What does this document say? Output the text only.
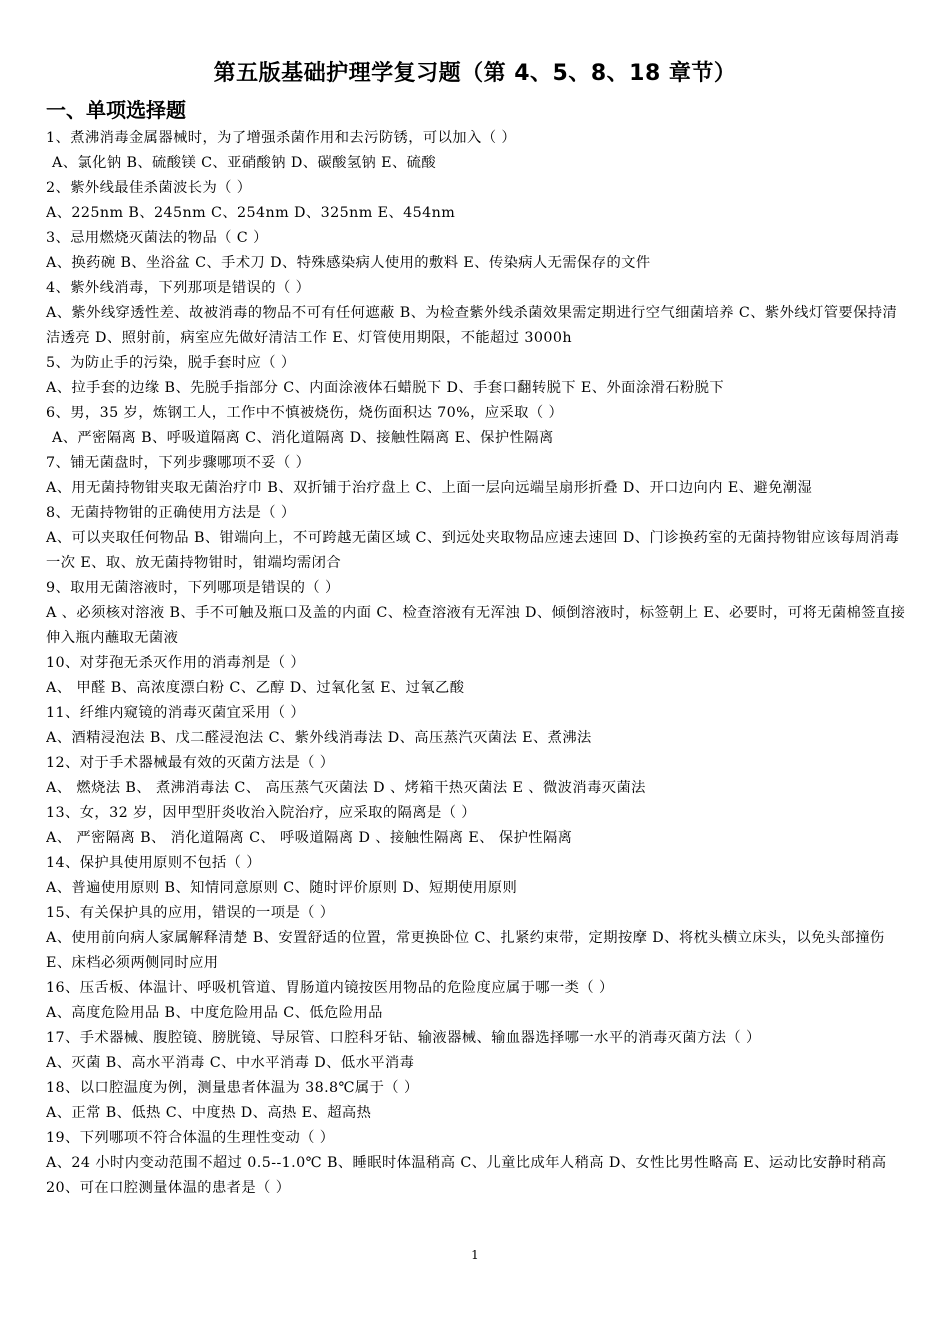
第五版基础护理学复习题（第 4、5、8、18 章节）
一、单项选择题
1、煮沸消毒金属器械时，为了增强杀菌作用和去污防锈，可以加入（ ）
A、氯化钠 B、硫酸镁 C、亚硝酸钠 D、碳酸氢钠 E、硫酸
2、紫外线最佳杀菌波长为（ ）
A、225nm B、245nm C、254nm D、325nm E、454nm
3、忌用燃烧灭菌法的物品（ C ）
A、换药碗 B、坐浴盆 C、手术刀 D、特殊感染病人使用的敷料 E、传染病人无需保存的文件
4、紫外线消毒，下列那项是错误的（ ）
A、紫外线穿透性差、故被消毒的物品不可有任何遮蔽 B、为检查紫外线杀菌效果需定期进行空气细菌培养 C、紫外线灯管要保持清洁透亮 D、照射前，病室应先做好清洁工作 E、灯管使用期限，不能超过 3000h
5、为防止手的污染，脱手套时应（ ）
A、拉手套的边缘 B、先脱手指部分 C、内面涂液体石蜡脱下 D、手套口翻转脱下 E、外面涂滑石粉脱下
6、男，35 岁，炼钢工人，工作中不慎被烧伤，烧伤面积达 70%，应采取（ ）
A、严密隔离 B、呼吸道隔离 C、消化道隔离 D、接触性隔离 E、保护性隔离
7、铺无菌盘时，下列步骤哪项不妥（ ）
A、用无菌持物钳夹取无菌治疗巾 B、双折铺于治疗盘上 C、上面一层向远端呈扇形折叠 D、开口边向内 E、避免潮湿
8、无菌持物钳的正确使用方法是（ ）
A、可以夹取任何物品 B、钳端向上，不可跨越无菌区域 C、到远处夹取物品应速去速回 D、门诊换药室的无菌持物钳应该每周消毒一次 E、取、放无菌持物钳时，钳端均需闭合
9、取用无菌溶液时，下列哪项是错误的（ ）
A 、必须核对溶液 B、手不可触及瓶口及盖的内面 C、检查溶液有无浑浊 D、倾倒溶液时，标签朝上 E、必要时，可将无菌棉签直接伸入瓶内蘸取无菌液
10、对芽孢无杀灭作用的消毒剂是（ ）
A、 甲醛 B、高浓度漂白粉 C、乙醇 D、过氧化氢 E、过氧乙酸
11、纤维内窥镜的消毒灭菌宜采用（ ）
A、酒精浸泡法 B、戊二醛浸泡法 C、紫外线消毒法 D、高压蒸汽灭菌法 E、煮沸法
12、对于手术器械最有效的灭菌方法是（ ）
A、 燃烧法 B、 煮沸消毒法 C、 高压蒸气灭菌法 D 、烤箱干热灭菌法 E 、微波消毒灭菌法
13、女，32 岁，因甲型肝炎收治入院治疗，应采取的隔离是（ ）
A、 严密隔离 B、 消化道隔离 C、 呼吸道隔离 D 、接触性隔离 E、 保护性隔离
14、保护具使用原则不包括（ ）
A、普遍使用原则 B、知情同意原则 C、随时评价原则 D、短期使用原则
15、有关保护具的应用，错误的一项是（ ）
A、使用前向病人家属解释清楚 B、安置舒适的位置，常更换卧位 C、扎紧约束带，定期按摩 D、将枕头横立床头，以免头部撞伤 E、床档必须两侧同时应用
16、压舌板、体温计、呼吸机管道、胃肠道内镜按医用物品的危险度应属于哪一类（ ）
A、高度危险用品 B、中度危险用品 C、低危险用品
17、手术器械、腹腔镜、膀胱镜、导尿管、口腔科牙钻、输液器械、输血器选择哪一水平的消毒灭菌方法（ ）
A、灭菌 B、高水平消毒 C、中水平消毒 D、低水平消毒
18、以口腔温度为例，测量患者体温为 38.8℃属于（ ）
A、正常 B、低热 C、中度热 D、高热 E、超高热
19、下列哪项不符合体温的生理性变动（ ）
A、24 小时内变动范围不超过 0.5--1.0℃ B、睡眠时体温稍高 C、儿童比成年人稍高 D、女性比男性略高 E、运动比安静时稍高
20、可在口腔测量体温的患者是（ ）
1
